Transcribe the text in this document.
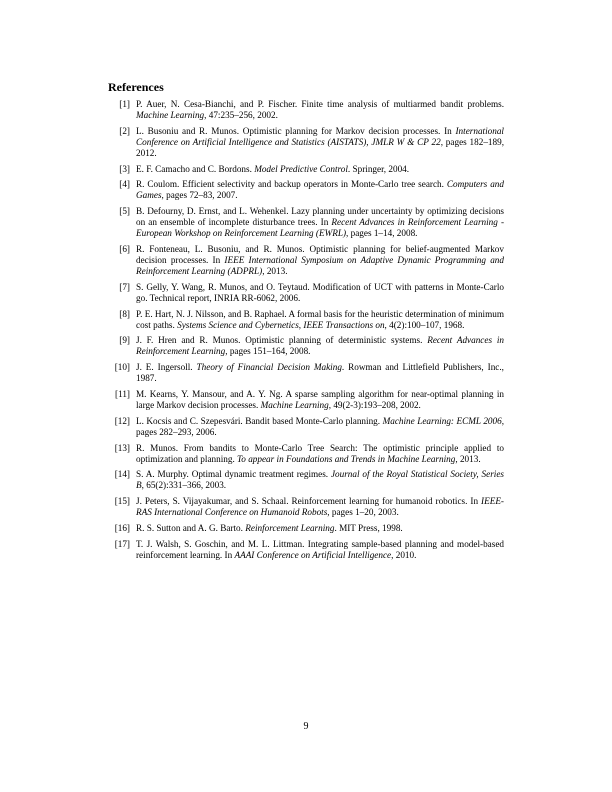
References
[1] P. Auer, N. Cesa-Bianchi, and P. Fischer. Finite time analysis of multiarmed bandit problems. Machine Learning, 47:235–256, 2002.
[2] L. Busoniu and R. Munos. Optimistic planning for Markov decision processes. In International Conference on Artificial Intelligence and Statistics (AISTATS), JMLR W & CP 22, pages 182–189, 2012.
[3] E. F. Camacho and C. Bordons. Model Predictive Control. Springer, 2004.
[4] R. Coulom. Efficient selectivity and backup operators in Monte-Carlo tree search. Computers and Games, pages 72–83, 2007.
[5] B. Defourny, D. Ernst, and L. Wehenkel. Lazy planning under uncertainty by optimizing decisions on an ensemble of incomplete disturbance trees. In Recent Advances in Reinforcement Learning - European Workshop on Reinforcement Learning (EWRL), pages 1–14, 2008.
[6] R. Fonteneau, L. Busoniu, and R. Munos. Optimistic planning for belief-augmented Markov decision processes. In IEEE International Symposium on Adaptive Dynamic Programming and Reinforcement Learning (ADPRL), 2013.
[7] S. Gelly, Y. Wang, R. Munos, and O. Teytaud. Modification of UCT with patterns in Monte-Carlo go. Technical report, INRIA RR-6062, 2006.
[8] P. E. Hart, N. J. Nilsson, and B. Raphael. A formal basis for the heuristic determination of minimum cost paths. Systems Science and Cybernetics, IEEE Transactions on, 4(2):100–107, 1968.
[9] J. F. Hren and R. Munos. Optimistic planning of deterministic systems. Recent Advances in Reinforcement Learning, pages 151–164, 2008.
[10] J. E. Ingersoll. Theory of Financial Decision Making. Rowman and Littlefield Publishers, Inc., 1987.
[11] M. Kearns, Y. Mansour, and A. Y. Ng. A sparse sampling algorithm for near-optimal planning in large Markov decision processes. Machine Learning, 49(2-3):193–208, 2002.
[12] L. Kocsis and C. Szepesvári. Bandit based Monte-Carlo planning. Machine Learning: ECML 2006, pages 282–293, 2006.
[13] R. Munos. From bandits to Monte-Carlo Tree Search: The optimistic principle applied to optimization and planning. To appear in Foundations and Trends in Machine Learning, 2013.
[14] S. A. Murphy. Optimal dynamic treatment regimes. Journal of the Royal Statistical Society, Series B, 65(2):331–366, 2003.
[15] J. Peters, S. Vijayakumar, and S. Schaal. Reinforcement learning for humanoid robotics. In IEEE-RAS International Conference on Humanoid Robots, pages 1–20, 2003.
[16] R. S. Sutton and A. G. Barto. Reinforcement Learning. MIT Press, 1998.
[17] T. J. Walsh, S. Goschin, and M. L. Littman. Integrating sample-based planning and model-based reinforcement learning. In AAAI Conference on Artificial Intelligence, 2010.

9
